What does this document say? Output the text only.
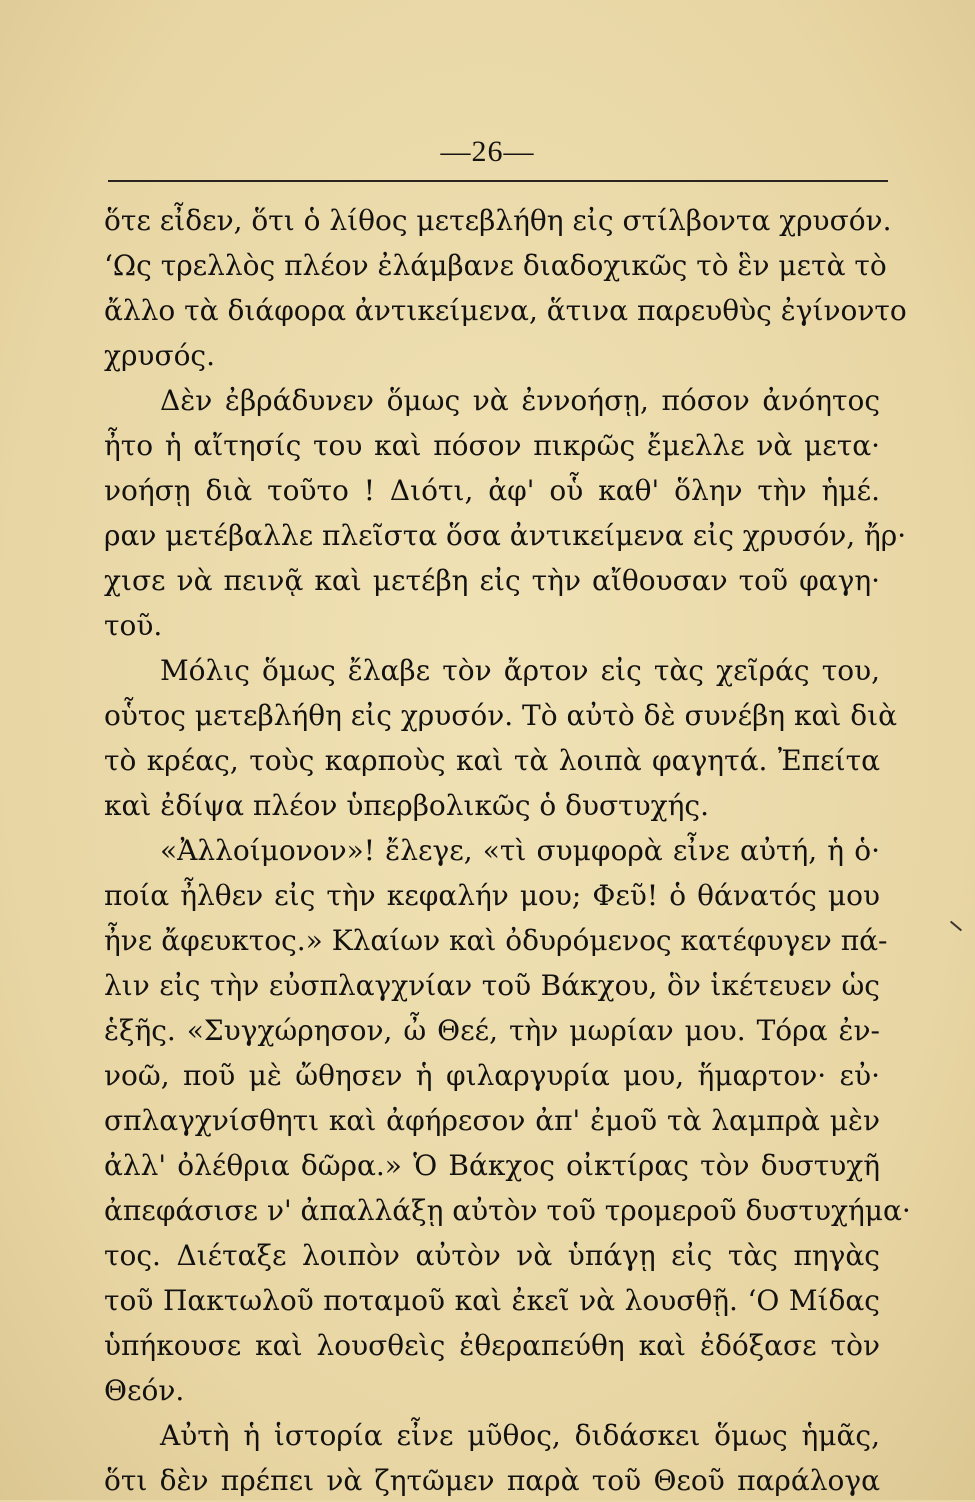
—26—
ὅτε εἶδεν, ὅτι ὁ λίθος μετεβλήθη εἰς στίλβοντα χρυσόν.
‘Ως τρελλὸς πλέον ἐλάμβανε διαδοχικῶς τὸ ἓν μετὰ τὸ
ἄλλο τὰ διάφορα ἀντικείμενα, ἅτινα παρευθὺς ἐγίνοντο
χρυσός.
Δὲν ἐβράδυνεν ὅμως νὰ ἐννοήσῃ, πόσον ἀνόητος
ἦτο ἡ αἴτησίς του καὶ πόσον πικρῶς ἔμελλε νὰ μετα·
νοήσῃ διὰ τοῦτο ! Διότι, ἀφ' οὗ καθ' ὅλην τὴν ἡμέ.
ραν μετέβαλλε πλεῖστα ὅσα ἀντικείμενα εἰς χρυσόν, ἤρ·
χισε νὰ πεινᾷ καὶ μετέβη εἰς τὴν αἴθουσαν τοῦ φαγη·
τοῦ.
Μόλις ὅμως ἔλαβε τὸν ἄρτον εἰς τὰς χεῖράς του,
οὗτος μετεβλήθη εἰς χρυσόν. Τὸ αὐτὸ δὲ συνέβη καὶ διὰ
τὸ κρέας, τοὺς καρποὺς καὶ τὰ λοιπὰ φαγητά. Ἐπείτα
καὶ ἐδίψα πλέον ὑπερβολικῶς ὁ δυστυχής.
«Ἀλλοίμονον»! ἔλεγε, «τὶ συμφορὰ εἶνε αὐτή, ἡ ὁ·
ποία ἦλθεν εἰς τὴν κεφαλήν μου; Φεῦ! ὁ θάνατός μου
ἦνε ἄφευκτος.» Κλαίων καὶ ὀδυρόμενος κατέφυγεν πά-
λιν εἰς τὴν εὐσπλαγχνίαν τοῦ Βάκχου, ὃν ἱκέτευεν ὡς
ἑξῆς. «Συγχώρησον, ὦ Θεέ, τὴν μωρίαν μου. Τόρα ἐν-
νοῶ, ποῦ μὲ ὤθησεν ἡ φιλαργυρία μου, ἥμαρτον· εὐ·
σπλαγχνίσθητι καὶ ἀφήρεσον ἀπ' ἐμοῦ τὰ λαμπρὰ μὲν
ἀλλ' ὀλέθρια δῶρα.» Ὁ Βάκχος οἰκτίρας τὸν δυστυχῆ
ἀπεφάσισε ν' ἀπαλλάξῃ αὐτὸν τοῦ τρομεροῦ δυστυχήμα·
τος. Διέταξε λοιπὸν αὐτὸν νὰ ὑπάγῃ εἰς τὰς πηγὰς
τοῦ Πακτωλοῦ ποταμοῦ καὶ ἐκεῖ νὰ λουσθῇ. ‘Ο Μίδας
ὑπήκουσε καὶ λουσθεὶς ἐθεραπεύθη καὶ ἐδόξασε τὸν
Θεόν.
Αὐτὴ ἡ ἱστορία εἶνε μῦθος, διδάσκει ὅμως ἡμᾶς,
ὅτι δὲν πρέπει νὰ ζητῶμεν παρὰ τοῦ Θεοῦ παράλογα
